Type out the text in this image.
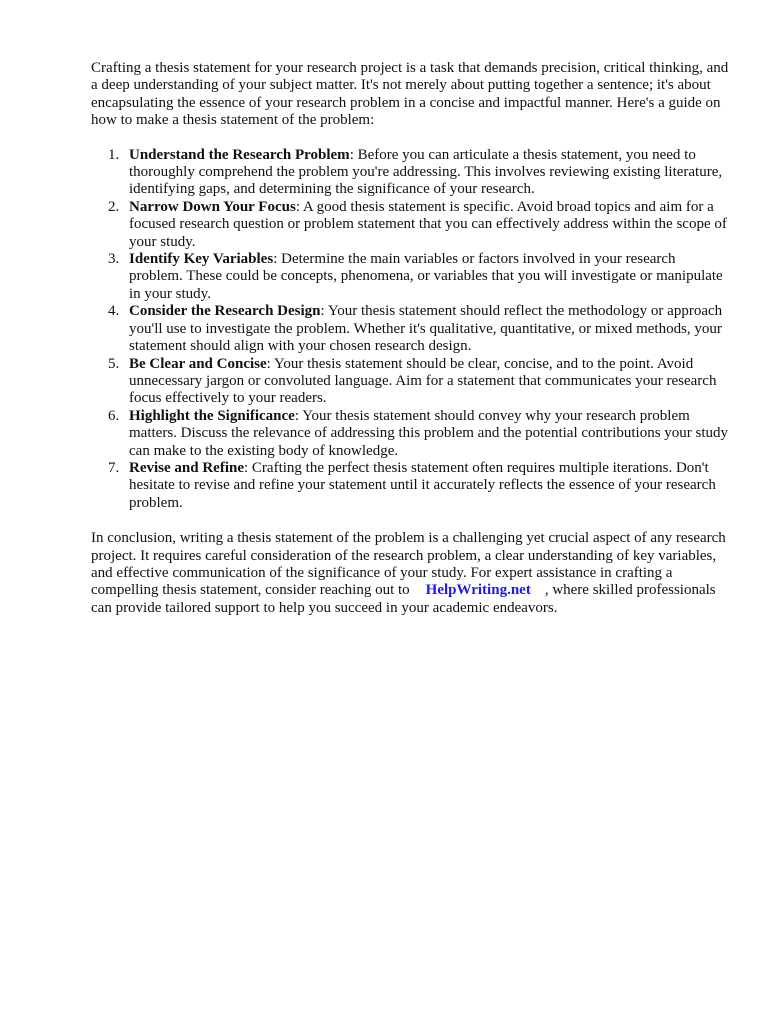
Crafting a thesis statement for your research project is a task that demands precision, critical thinking, and a deep understanding of your subject matter. It's not merely about putting together a sentence; it's about encapsulating the essence of your research problem in a concise and impactful manner. Here's a guide on how to make a thesis statement of the problem:

1. Understand the Research Problem: Before you can articulate a thesis statement, you need to thoroughly comprehend the problem you're addressing. This involves reviewing existing literature, identifying gaps, and determining the significance of your research.
2. Narrow Down Your Focus: A good thesis statement is specific. Avoid broad topics and aim for a focused research question or problem statement that you can effectively address within the scope of your study.
3. Identify Key Variables: Determine the main variables or factors involved in your research problem. These could be concepts, phenomena, or variables that you will investigate or manipulate in your study.
4. Consider the Research Design: Your thesis statement should reflect the methodology or approach you'll use to investigate the problem. Whether it's qualitative, quantitative, or mixed methods, your statement should align with your chosen research design.
5. Be Clear and Concise: Your thesis statement should be clear, concise, and to the point. Avoid unnecessary jargon or convoluted language. Aim for a statement that communicates your research focus effectively to your readers.
6. Highlight the Significance: Your thesis statement should convey why your research problem matters. Discuss the relevance of addressing this problem and the potential contributions your study can make to the existing body of knowledge.
7. Revise and Refine: Crafting the perfect thesis statement often requires multiple iterations. Don't hesitate to revise and refine your statement until it accurately reflects the essence of your research problem.

In conclusion, writing a thesis statement of the problem is a challenging yet crucial aspect of any research project. It requires careful consideration of the research problem, a clear understanding of key variables, and effective communication of the significance of your study. For expert assistance in crafting a compelling thesis statement, consider reaching out to HelpWriting.net , where skilled professionals can provide tailored support to help you succeed in your academic endeavors.
